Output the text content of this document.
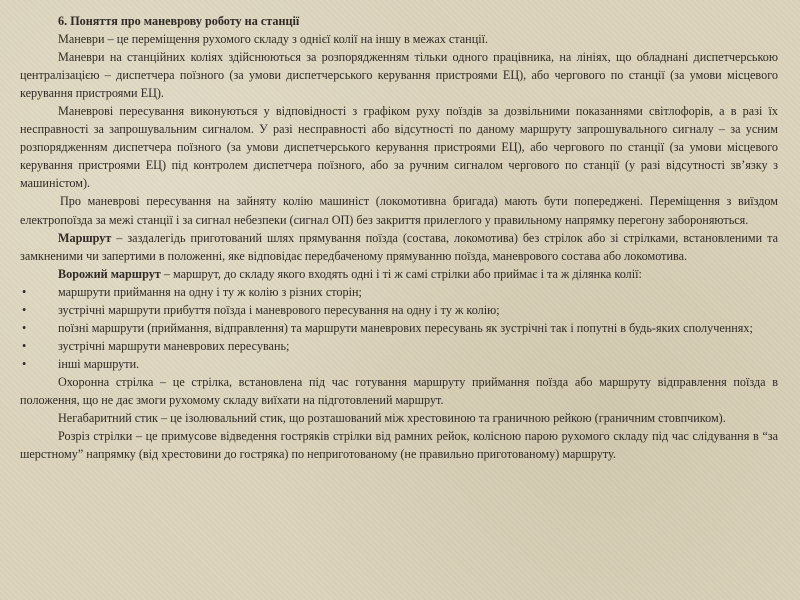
6. Поняття про маневрову роботу на станції

Маневри – це переміщення рухомого складу з однієї колії на іншу в межах станції.

Маневри на станційних коліях здійснюються за розпорядженням тільки одного працівника, на лініях, що обладнані диспетчерською централізацією – диспетчера поїзного (за умови диспетчерського керування пристроями ЕЦ), або чергового по станції (за умови місцевого керування пристроями ЕЦ).

Маневрові пересування виконуються у відповідності з графіком руху поїздів за дозвільними показаннями світлофорів, а в разі їх несправності за запрошувальним сигналом. У разі несправності або відсутності по даному маршруту запрошувального сигналу – за усним розпорядженням диспетчера поїзного (за умови диспетчерського керування пристроями ЕЦ), або чергового по станції (за умови місцевого керування пристроями ЕЦ) під контролем диспетчера поїзного, або за ручним сигналом чергового по станції (у разі відсутності зв’язку з машиністом).

Про маневрові пересування на зайняту колію машиніст (локомотивна бригада) мають бути попереджені. Переміщення з виїздом електропоїзда за межі станції і за сигнал небезпеки (сигнал ОП) без закриття прилеглого у правильному напрямку перегону забороняються.

Маршрут – заздалегідь приготований шлях прямування поїзда (состава, локомотива) без стрілок або зі стрілками, встановленими та замкненими чи запертими в положенні, яке відповідає передбаченому прямуванню поїзда, маневрового состава або локомотива.

Ворожий маршрут – маршрут, до складу якого входять одні і ті ж самі стрілки або приймає і та ж ділянка колії:

•	маршрути приймання на одну і ту ж колію з різних сторін;
•	зустрічні маршрути прибуття поїзда і маневрового пересування на одну і ту ж колію;
•	поїзні маршрути (приймання, відправлення) та маршрути маневрових пересувань як зустрічні так і попутні в будь-яких сполученнях;
•	зустрічні маршрути маневрових пересувань;
•	інші маршрути.

Охоронна стрілка – це стрілка, встановлена під час готування маршруту приймання поїзда або маршруту відправлення поїзда в положення, що не дає змоги рухомому складу виїхати на підготовлений маршрут.

Негабаритний стик – це ізолювальний стик, що розташований між хрестовиною та граничною рейкою (граничним стовпчиком).

Розріз стрілки – це примусове відведення гостряків стрілки від рамних рейок, колісною парою рухомого складу під час слідування в “за шерстному” напрямку (від хрестовини до гостряка) по неприготованому (не правильно приготованому) маршруту.
